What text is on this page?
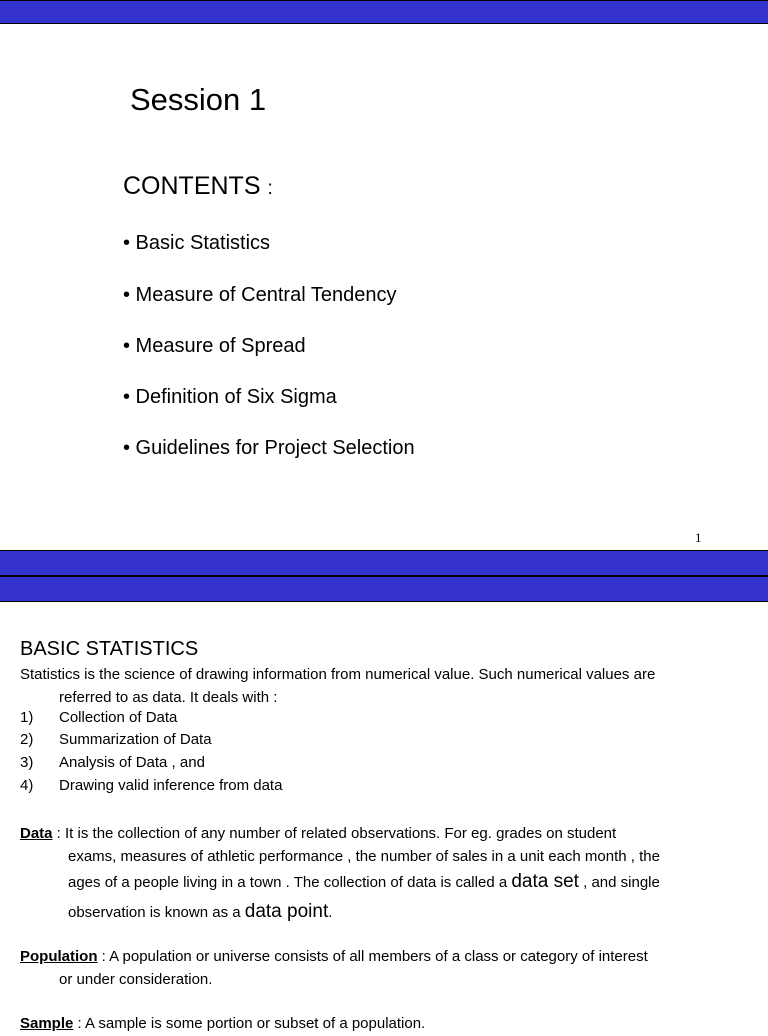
Session 1
CONTENTS :
• Basic Statistics
• Measure of Central Tendency
• Measure of Spread
• Definition of Six Sigma
• Guidelines for Project Selection
1
BASIC STATISTICS
Statistics is the science of drawing information from numerical value. Such numerical values are
referred to as data. It deals with :
1) Collection of Data
2) Summarization of Data
3) Analysis of Data , and
4) Drawing valid inference from data
Data : It is the collection of any number of related observations. For eg. grades on student
exams, measures of athletic performance , the number of sales in a unit each month , the
ages of a people living in a town . The collection of data is called a data set , and single
observation is known as a data point.
Population : A population or universe consists of all members of a class or category of interest
or under consideration.
Sample : A sample is some portion or subset of a population.
